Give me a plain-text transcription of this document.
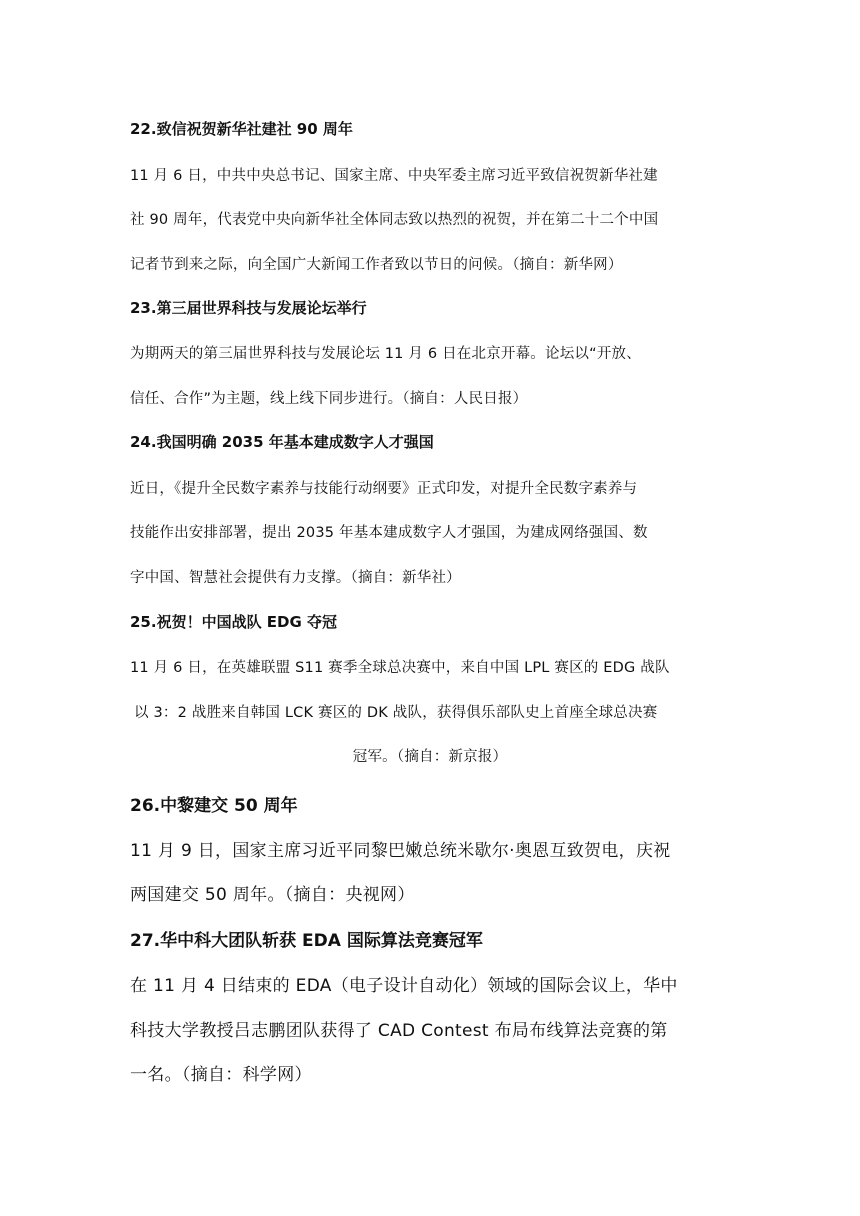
22.致信祝贺新华社建社 90 周年

11 月 6 日，中共中央总书记、国家主席、中央军委主席习近平致信祝贺新华社建

社 90 周年，代表党中央向新华社全体同志致以热烈的祝贺，并在第二十二个中国

记者节到来之际，向全国广大新闻工作者致以节日的问候。（摘自：新华网）

23.第三届世界科技与发展论坛举行

为期两天的第三届世界科技与发展论坛 11 月 6 日在北京开幕。论坛以“开放、

信任、合作”为主题，线上线下同步进行。（摘自：人民日报）

24.我国明确 2035 年基本建成数字人才强国

近日，《提升全民数字素养与技能行动纲要》正式印发，对提升全民数字素养与

技能作出安排部署，提出 2035 年基本建成数字人才强国，为建成网络强国、数

字中国、智慧社会提供有力支撑。（摘自：新华社）

25.祝贺！中国战队 EDG 夺冠

11 月 6 日，在英雄联盟 S11 赛季全球总决赛中，来自中国 LPL 赛区的 EDG 战队

以 3：2 战胜来自韩国 LCK 赛区的 DK 战队，获得俱乐部队史上首座全球总决赛

冠军。（摘自：新京报）

26.中黎建交 50 周年

11 月 9 日，国家主席习近平同黎巴嫩总统米歇尔·奥恩互致贺电，庆祝

两国建交 50 周年。（摘自：央视网）

27.华中科大团队斩获 EDA 国际算法竞赛冠军

在 11 月 4 日结束的 EDA（电子设计自动化）领域的国际会议上，华中

科技大学教授吕志鹏团队获得了 CAD Contest 布局布线算法竞赛的第

一名。（摘自：科学网）
